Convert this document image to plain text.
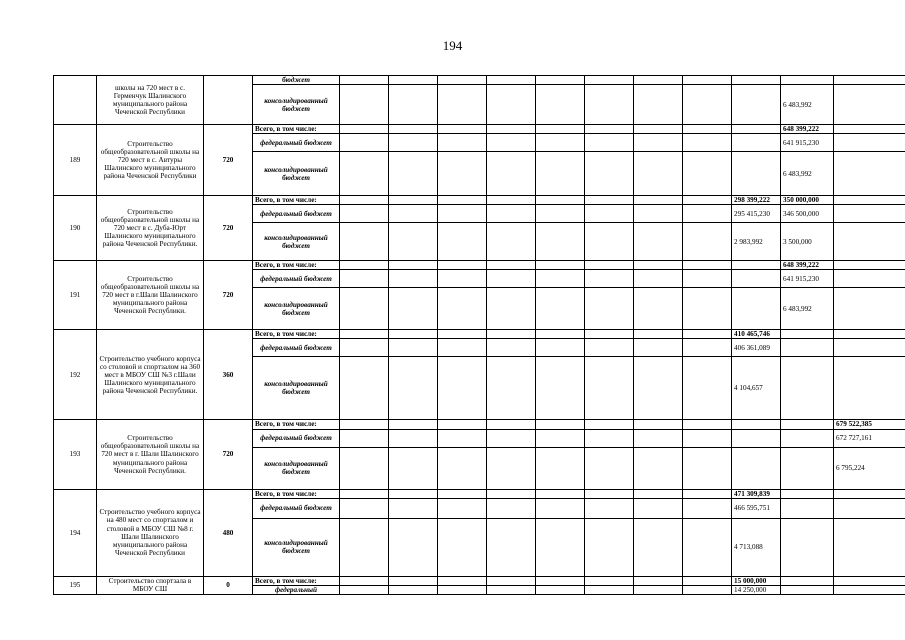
194
	школы на 720 мест в с. Герменчук Шалинского муниципального района Чеченской Республики		бюджет											

			консолидированный бюджет										6 483,992	
189	Строительство общеобразовательной школы на 720 мест в с. Автуры Шалинского муниципального района Чеченской Республики	720	Всего, в том числе:										648 399,222	

			федеральный бюджет										641 915,230	

			консолидированный бюджет										6 483,992	
190	Строительство общеобразовательной школы на 720 мест в с. Дуба-Юрт Шалинского муниципального района Чеченской Республики.	720	Всего, в том числе:									298 399,222	350 000,000	

			федеральный бюджет									295 415,230	346 500,000	

			консолидированный бюджет									2 983,992	3 500,000	
191	Строительство общеобразовательной школы на 720 мест в г.Шали Шалинского муниципального района Чеченской Республики.	720	Всего, в том числе:										648 399,222	

			федеральный бюджет										641 915,230	

			консолидированный бюджет										6 483,992	
192	Строительство учебного корпуса со столовой и спортзалом на 360 мест в МБОУ СШ №3 г.Шали Шалинского муниципального района Чеченской Республики.	360	Всего, в том числе:									410 465,746		

			федеральный бюджет									406 361,089		

			консолидированный бюджет									4 104,657		
193	Строительство общеобразовательной школы на 720 мест в г. Шали Шалинского муниципального района Чеченской Республики.	720	Всего, в том числе:											679 522,385

			федеральный бюджет											672 727,161

			консолидированный бюджет											6 795,224
194	Строительство учебного корпуса на 480 мест со спортзалом и столовой в МБОУ СШ №8 г. Шали Шалинского муниципального района Чеченской Республики	480	Всего, в том числе:									471 309,839		

			федеральный бюджет									466 595,751		

			консолидированный бюджет									4 713,088		
195	Строительство спортзала в МБОУ СШ	0	Всего, в том числе:									15 000,000		

			федеральный									14 250,000		
